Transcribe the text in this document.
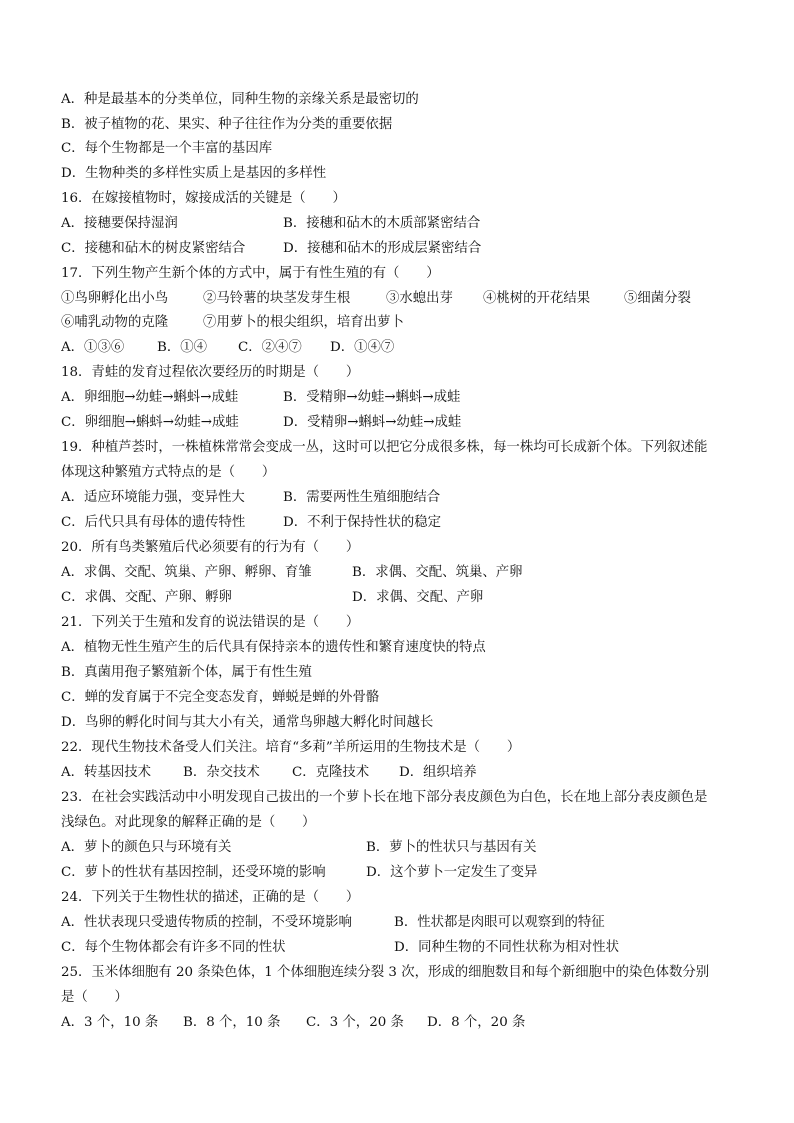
A．种是最基本的分类单位，同种生物的亲缘关系是最密切的
B．被子植物的花、果实、种子往往作为分类的重要依据
C．每个生物都是一个丰富的基因库
D．生物种类的多样性实质上是基因的多样性
16．在嫁接植物时，嫁接成活的关键是（　　）
A．接穗要保持湿润	B．接穗和砧木的木质部紧密结合
C．接穗和砧木的树皮紧密结合	D．接穗和砧木的形成层紧密结合
17．下列生物产生新个体的方式中，属于有性生殖的有（　　）
①鸟卵孵化出小鸟	②马铃薯的块茎发芽生根	③水螅出芽 ④桃树的开花结果	⑤细菌分裂
⑥哺乳动物的克隆	⑦用萝卜的根尖组织，培育出萝卜
A．①③⑥ B．①④ C．②④⑦ D．①④⑦
18．青蛙的发育过程依次要经历的时期是（　　）
A．卵细胞→幼蛙→蝌蚪→成蛙	B．受精卵→幼蛙→蝌蚪→成蛙
C．卵细胞→蝌蚪→幼蛙→成蛙	D．受精卵→蝌蚪→幼蛙→成蛙
19．种植芦荟时，一株植株常常会变成一丛，这时可以把它分成很多株，每一株均可长成新个体。下列叙述能
体现这种繁殖方式特点的是（　　）
A．适应环境能力强，变异性大	B．需要两性生殖细胞结合
C．后代只具有母体的遗传特性	D．不利于保持性状的稳定
20．所有鸟类繁殖后代必须要有的行为有（　　）
A．求偶、交配、筑巢、产卵、孵卵、育雏	B．求偶、交配、筑巢、产卵
C．求偶、交配、产卵、孵卵	D．求偶、交配、产卵
21．下列关于生殖和发育的说法错误的是（　　）
A．植物无性生殖产生的后代具有保持亲本的遗传性和繁育速度快的特点
B．真菌用孢子繁殖新个体，属于有性生殖
C．蝉的发育属于不完全变态发育，蝉蜕是蝉的外骨骼
D．鸟卵的孵化时间与其大小有关，通常鸟卵越大孵化时间越长
22．现代生物技术备受人们关注。培育“多莉”羊所运用的生物技术是（　　）
A．转基因技术 B．杂交技术 C．克隆技术 D．组织培养
23．在社会实践活动中小明发现自己拔出的一个萝卜长在地下部分表皮颜色为白色，长在地上部分表皮颜色是
浅绿色。对此现象的解释正确的是（　　）
A．萝卜的颜色只与环境有关	B．萝卜的性状只与基因有关
C．萝卜的性状有基因控制，还受环境的影响	D．这个萝卜一定发生了变异
24．下列关于生物性状的描述，正确的是（　　）
A．性状表现只受遗传物质的控制，不受环境影响	B．性状都是肉眼可以观察到的特征
C．每个生物体都会有许多不同的性状	D．同种生物的不同性状称为相对性状
25．玉米体细胞有 20 条染色体，1 个体细胞连续分裂 3 次，形成的细胞数目和每个新细胞中的染色体数分别
是（　　）
A．3 个，10 条 B．8 个，10 条 C．3 个，20 条 D．8 个，20 条
